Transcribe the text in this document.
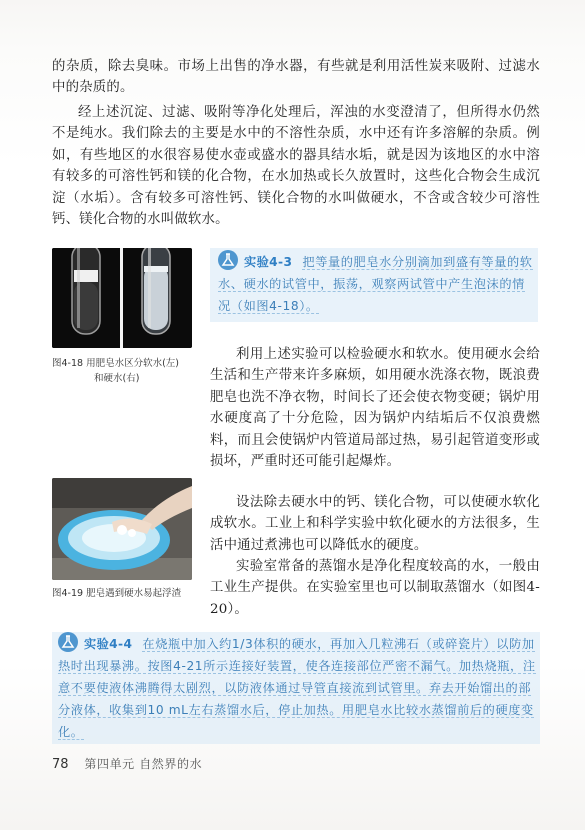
的杂质，除去臭味。市场上出售的净水器，有些就是利用活性炭来吸附、过滤水中的杂质的。

经上述沉淀、过滤、吸附等净化处理后，浑浊的水变澄清了，但所得水仍然不是纯水。我们除去的主要是水中的不溶性杂质，水中还有许多溶解的杂质。例如，有些地区的水很容易使水壶或盛水的器具结水垢，就是因为该地区的水中溶有较多的可溶性钙和镁的化合物，在水加热或长久放置时，这些化合物会生成沉淀（水垢）。含有较多可溶性钙、镁化合物的水叫做硬水，不含或含较少可溶性钙、镁化合物的水叫做软水。

图4-18 用肥皂水区分软水(左)
和硬水(右)

实验4-3 把等量的肥皂水分别滴加到盛有等量的软水、硬水的试管中，振荡，观察两试管中产生泡沫的情况（如图4-18）。

利用上述实验可以检验硬水和软水。使用硬水会给生活和生产带来许多麻烦，如用硬水洗涤衣物，既浪费肥皂也洗不净衣物，时间长了还会使衣物变硬；锅炉用水硬度高了十分危险，因为锅炉内结垢后不仅浪费燃料，而且会使锅炉内管道局部过热，易引起管道变形或损坏，严重时还可能引起爆炸。

图4-19 肥皂遇到硬水易起浮渣

设法除去硬水中的钙、镁化合物，可以使硬水软化成软水。工业上和科学实验中软化硬水的方法很多，生活中通过煮沸也可以降低水的硬度。

实验室常备的蒸馏水是净化程度较高的水，一般由工业生产提供。在实验室里也可以制取蒸馏水（如图4-20）。

实验4-4 在烧瓶中加入约1/3体积的硬水，再加入几粒沸石（或碎瓷片）以防加热时出现暴沸。按图4-21所示连接好装置，使各连接部位严密不漏气。加热烧瓶，注意不要使液体沸腾得太剧烈，以防液体通过导管直接流到试管里。弃去开始馏出的部分液体，收集到10 mL左右蒸馏水后，停止加热。用肥皂水比较水蒸馏前后的硬度变化。

78 第四单元 自然界的水
